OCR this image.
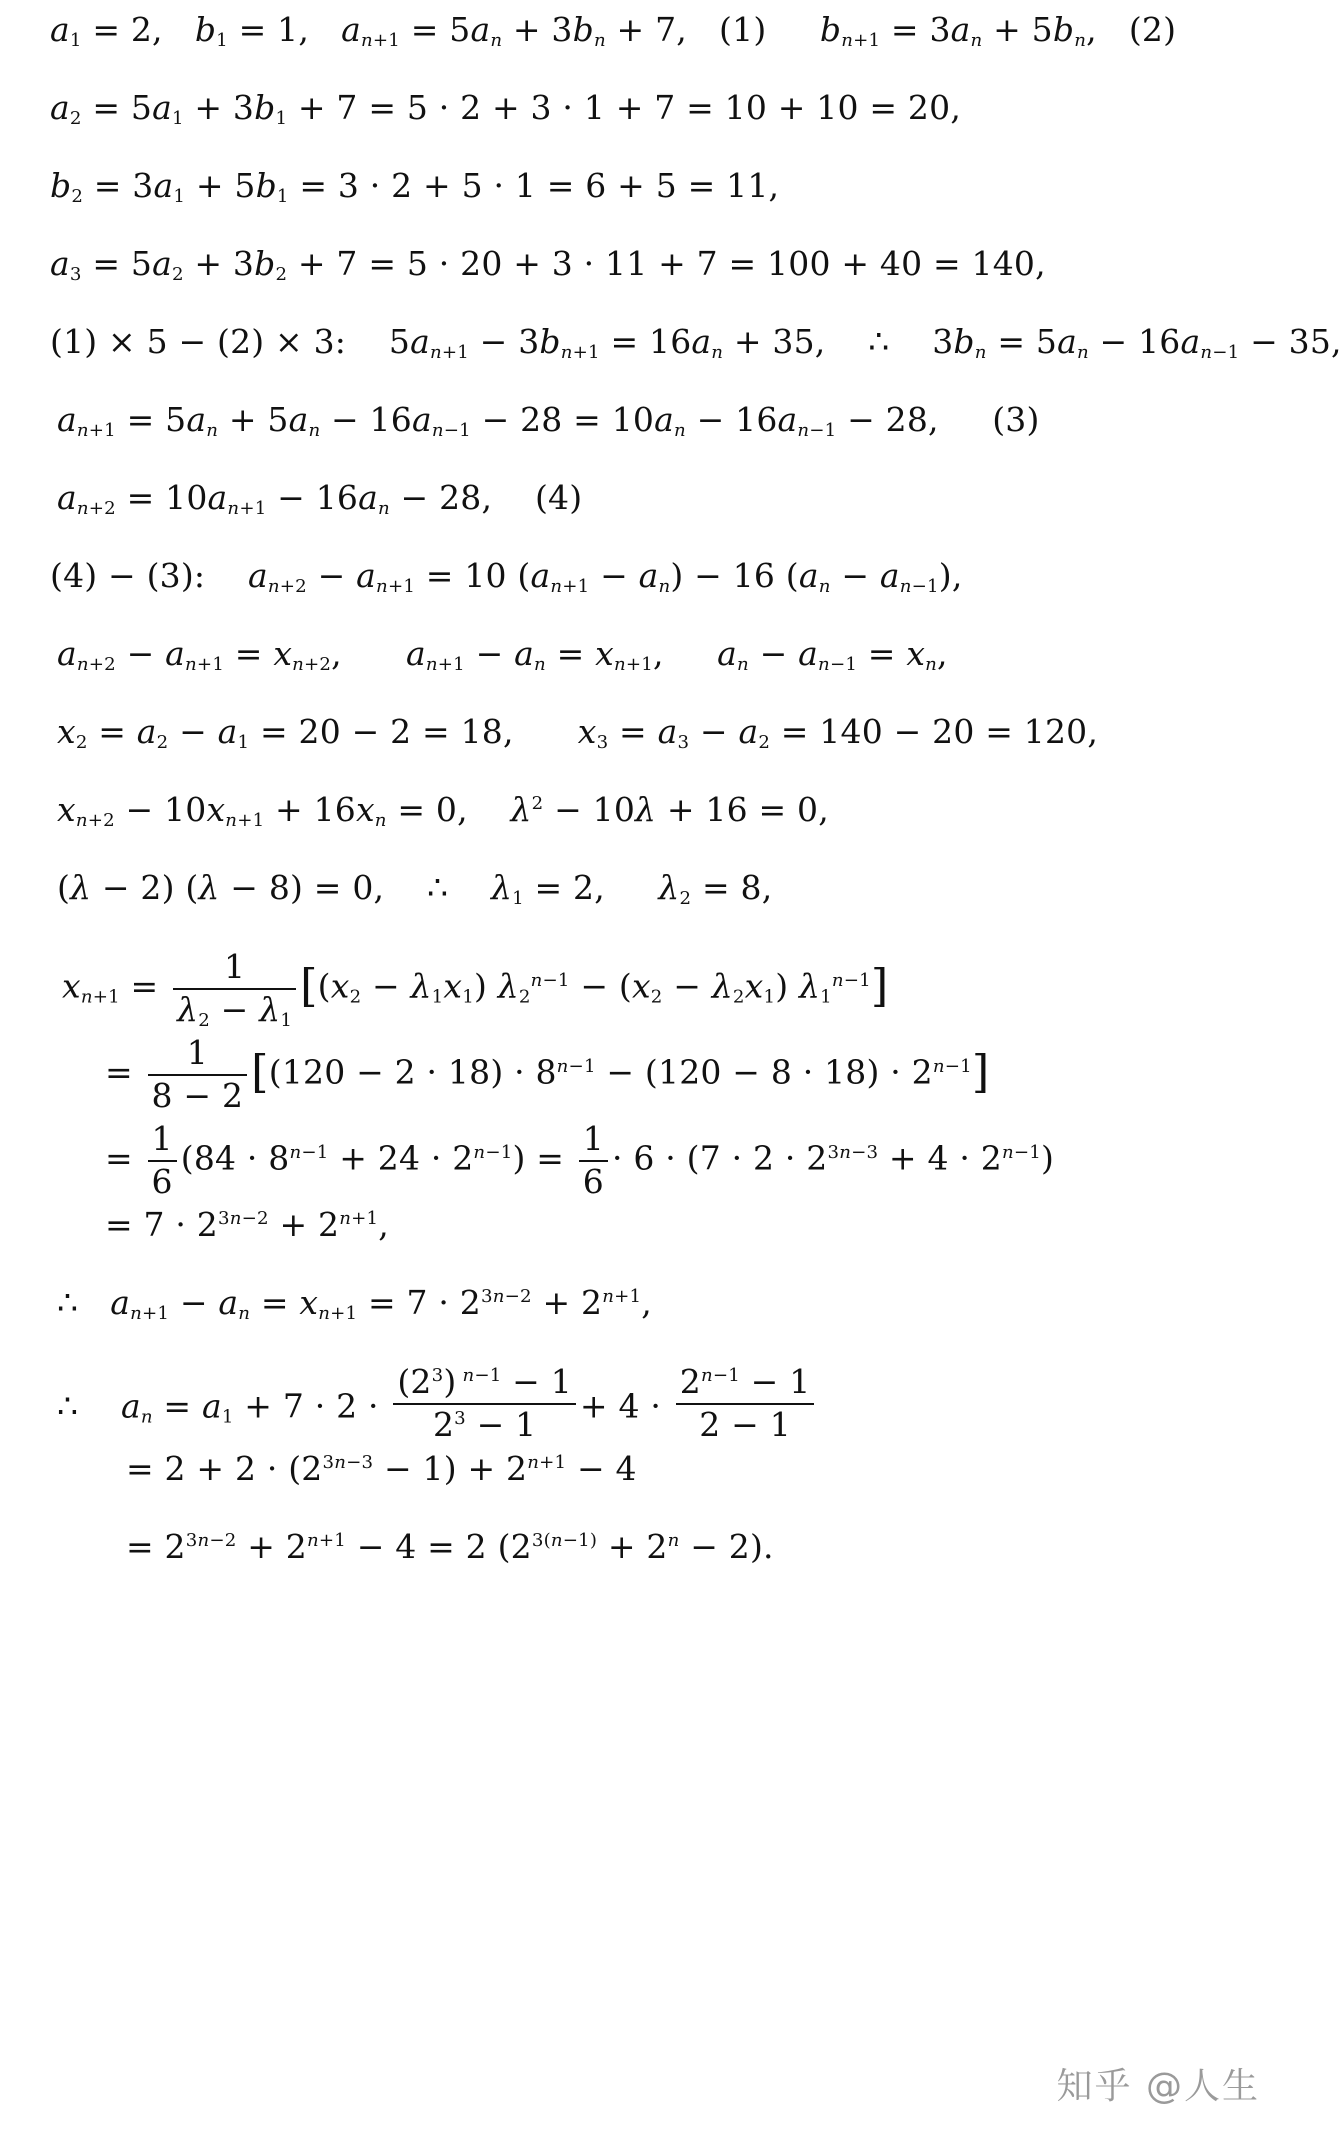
$a_1 = 2$,   $b_1 = 1$,   $a_{n+1} = 5a_n + 3b_n + 7$,   (1) $b_{n+1} = 3a_n + 5b_n$,   (2)
$a_2 = 5a_1 + 3b_1 + 7 = 5 \cdot 2 + 3 \cdot 1 + 7 = 10 + 10 = 20$,
$b_2 = 3a_1 + 5b_1 = 3 \cdot 2 + 5 \cdot 1 = 6 + 5 = 11$,
$a_3 = 5a_2 + 3b_2 + 7 = 5 \cdot 20 + 3 \cdot 11 + 7 = 100 + 40 = 140$,
(1) × 5 − (2) × 3:    $5a_{n+1} - 3b_{n+1} = 16a_n + 35$,    ∴    $3b_n = 5a_n - 16a_{n-1} - 35$,
$a_{n+1} = 5a_n + 5a_n - 16a_{n-1} - 28 = 10a_n - 16a_{n-1} - 28$,     (3)
$a_{n+2} = 10a_{n+1} - 16a_n - 28$, (4)
(4) − (3): $a_{n+2} - a_{n+1} = 10$ $(a_{n+1} - a_n) - 16$ $(a_n - a_{n-1})$,
$a_{n+2} - a_{n+1} = x_{n+2}$,      $a_{n+1} - a_n = x_{n+1}$,     $a_n - a_{n-1} = x_n$,
$x_2 = a_2 - a_1 = 20 - 2 = 18$, $x_3 = a_3 - a_2 = 140 - 20 = 120$,
$x_{n+2} - 10x_{n+1} + 16x_n = 0$,    $\lambda^2 - 10\lambda + 16 = 0$,
(λ − 2) (λ − 8) = 0,    ∴    $\lambda_1 = 2$,     $\lambda_2 = 8$,
$x_{n+1} = \frac{1}{\lambda_2 - \lambda_1} [(x_2 - \lambda_1x_1) \lambda_2^{n-1} - (x_2 - \lambda_2x_1)$ $\lambda_1^{n-1}$]
= $\frac{1}{8 - 2} [(120 - 2 \cdot 18) \cdot 8^{n-1} - (120 - 8 \cdot 18) \cdot 2^{n-1}]$
= $\frac{1}{6} (84 \cdot 8^{n-1} + 24 \cdot 2^{n-1}) = \frac{1}{6} \cdot 6 \cdot (7 \cdot 2 \cdot 2^{3n-3} + 4 \cdot 2^{n-1})$
= $7 \cdot 2^{3n-2} + 2^{n+1}$,
∴   $a_{n+1} - a_n = x_{n+1} = 7 \cdot 2^{3n-2} + 2^{n+1}$,
∴    $a_n = a_1 + 7 \cdot 2 \cdot \frac{(2^3) ^{n-1} - 1}{2^3 - 1} + 4 \cdot \frac{2^{n-1} - 1}{2 - 1}$
= $2 + 2 \cdot (2^{3n-3} - 1) + 2^{n+1} - 4$
= $2^{3n-2} + 2^{n+1} - 4 = 2$ $(2^{3(n-1)} + 2^n - 2)$.
知乎 @人生
